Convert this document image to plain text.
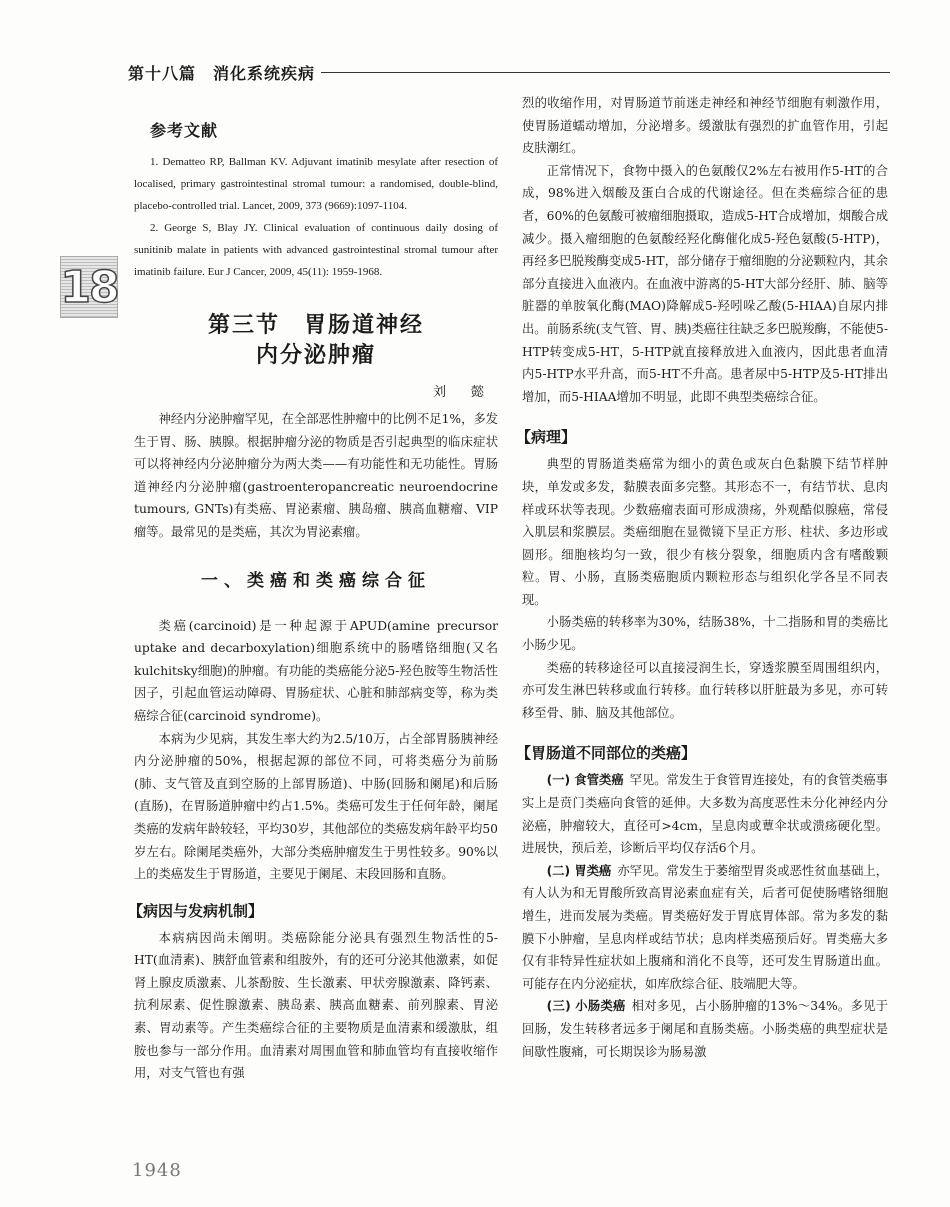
第十八篇　消化系统疾病
18
参考文献

1. Dematteo RP, Ballman KV. Adjuvant imatinib mesylate after resection of localised, primary gastrointestinal stromal tumour: a randomised, double-blind, placebo-controlled trial. Lancet, 2009, 373 (9669):1097-1104.

2. George S, Blay JY. Clinical evaluation of continuous daily dosing of sunitinib malate in patients with advanced gastrointestinal stromal tumour after imatinib failure. Eur J Cancer, 2009, 45(11): 1959-1968.

第三节　胃肠道神经
内分泌肿瘤
刘　懿

神经内分泌肿瘤罕见，在全部恶性肿瘤中的比例不足1%，多发生于胃、肠、胰腺。根据肿瘤分泌的物质是否引起典型的临床症状可以将神经内分泌肿瘤分为两大类——有功能性和无功能性。胃肠道神经内分泌肿瘤(gastroenteropancreatic neuroendocrine tumours, GNTs)有类癌、胃泌素瘤、胰岛瘤、胰高血糖瘤、VIP瘤等。最常见的是类癌，其次为胃泌素瘤。

一、类癌和类癌综合征

类癌(carcinoid)是一种起源于APUD(amine precursor uptake and decarboxylation)细胞系统中的肠嗜铬细胞(又名kulchitsky细胞)的肿瘤。有功能的类癌能分泌5-羟色胺等生物活性因子，引起血管运动障碍、胃肠症状、心脏和肺部病变等，称为类癌综合征(carcinoid syndrome)。

本病为少见病，其发生率大约为2.5/10万，占全部胃肠胰神经内分泌肿瘤的50%，根据起源的部位不同，可将类癌分为前肠(肺、支气管及直到空肠的上部胃肠道)、中肠(回肠和阑尾)和后肠(直肠)，在胃肠道肿瘤中约占1.5%。类癌可发生于任何年龄，阑尾类癌的发病年龄较轻，平均30岁，其他部位的类癌发病年龄平均50岁左右。除阑尾类癌外，大部分类癌肿瘤发生于男性较多。90%以上的类癌发生于胃肠道，主要见于阑尾、末段回肠和直肠。

【病因与发病机制】

本病病因尚未阐明。类癌除能分泌具有强烈生物活性的5-HT(血清素)、胰舒血管素和组胺外，有的还可分泌其他激素，如促肾上腺皮质激素、儿茶酚胺、生长激素、甲状旁腺激素、降钙素、抗利尿素、促性腺激素、胰岛素、胰高血糖素、前列腺素、胃泌素、胃动素等。产生类癌综合征的主要物质是血清素和缓激肽，组胺也参与一部分作用。血清素对周围血管和肺血管均有直接收缩作用，对支气管也有强

烈的收缩作用，对胃肠道节前迷走神经和神经节细胞有刺激作用，使胃肠道蠕动增加，分泌增多。缓激肽有强烈的扩血管作用，引起皮肤潮红。

正常情况下，食物中摄入的色氨酸仅2%左右被用作5-HT的合成，98%进入烟酸及蛋白合成的代谢途径。但在类癌综合征的患者，60%的色氨酸可被瘤细胞摄取，造成5-HT合成增加，烟酸合成减少。摄入瘤细胞的色氨酸经羟化酶催化成5-羟色氨酸(5-HTP)，再经多巴脱羧酶变成5-HT，部分储存于瘤细胞的分泌颗粒内，其余部分直接进入血液内。在血液中游离的5-HT大部分经肝、肺、脑等脏器的单胺氧化酶(MAO)降解成5-羟吲哚乙酸(5-HIAA)自尿内排出。前肠系统(支气管、胃、胰)类癌往往缺乏多巴脱羧酶，不能使5-HTP转变成5-HT，5-HTP就直接释放进入血液内，因此患者血清内5-HTP水平升高，而5-HT不升高。患者尿中5-HTP及5-HT排出增加，而5-HIAA增加不明显，此即不典型类癌综合征。

【病理】

典型的胃肠道类癌常为细小的黄色或灰白色黏膜下结节样肿块，单发或多发，黏膜表面多完整。其形态不一，有结节状、息肉样或环状等表现。少数癌瘤表面可形成溃疡，外观酷似腺癌，常侵入肌层和浆膜层。类癌细胞在显微镜下呈正方形、柱状、多边形或圆形。细胞核均匀一致，很少有核分裂象，细胞质内含有嗜酸颗粒。胃、小肠，直肠类癌胞质内颗粒形态与组织化学各呈不同表现。

小肠类癌的转移率为30%，结肠38%，十二指肠和胃的类癌比小肠少见。

类癌的转移途径可以直接浸润生长，穿透浆膜至周围组织内，亦可发生淋巴转移或血行转移。血行转移以肝脏最为多见，亦可转移至骨、肺、脑及其他部位。

【胃肠道不同部位的类癌】

(一) 食管类癌 罕见。常发生于食管胃连接处，有的食管类癌事实上是贲门类癌向食管的延伸。大多数为高度恶性未分化神经内分泌癌，肿瘤较大，直径可>4cm，呈息肉或蕈伞状或溃疡硬化型。进展快，预后差，诊断后平均仅存活6个月。

(二) 胃类癌 亦罕见。常发生于萎缩型胃炎或恶性贫血基础上，有人认为和无胃酸所致高胃泌素血症有关，后者可促使肠嗜铬细胞增生，进而发展为类癌。胃类癌好发于胃底胃体部。常为多发的黏膜下小肿瘤，呈息肉样或结节状；息肉样类癌预后好。胃类癌大多仅有非特异性症状如上腹痛和消化不良等，还可发生胃肠道出血。可能存在内分泌症状，如库欣综合征、肢端肥大等。

(三) 小肠类癌 相对多见，占小肠肿瘤的13%～34%。多见于回肠，发生转移者远多于阑尾和直肠类癌。小肠类癌的典型症状是间歇性腹痛，可长期误诊为肠易激

1948
